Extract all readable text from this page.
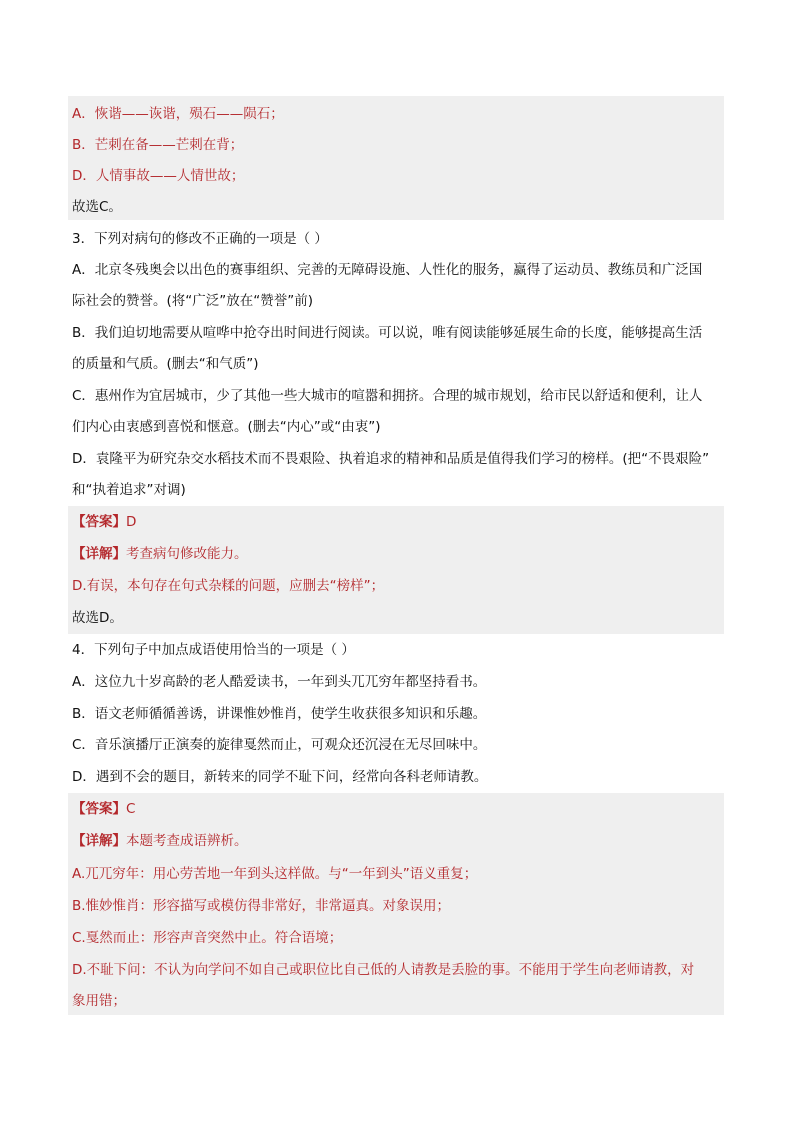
A．恢谐——诙谐，殒石——陨石；
B．芒刺在备——芒刺在背；
D．人情事故——人情世故；
故选C。
3．下列对病句的修改不正确的一项是（ ）
A．北京冬残奥会以出色的赛事组织、完善的无障碍设施、人性化的服务，赢得了运动员、教练员和广泛国
际社会的赞誉。(将“广泛”放在“赞誉”前)
B．我们迫切地需要从喧哗中抢夺出时间进行阅读。可以说，唯有阅读能够延展生命的长度，能够提高生活
的质量和气质。(删去“和气质”)
C．惠州作为宜居城市，少了其他一些大城市的喧嚣和拥挤。合理的城市规划，给市民以舒适和便利，让人
们内心由衷感到喜悦和惬意。(删去“内心”或“由衷”)
D．袁隆平为研究杂交水稻技术而不畏艰险、执着追求的精神和品质是值得我们学习的榜样。(把“不畏艰险”
和“执着追求”对调)
【答案】D
【详解】考查病句修改能力。
D.有误，本句存在句式杂糅的问题，应删去“榜样”；
故选D。
4．下列句子中加点成语使用恰当的一项是（ ）
A．这位九十岁高龄的老人酷爱读书，一年到头兀兀穷年都坚持看书。
B．语文老师循循善诱，讲课惟妙惟肖，使学生收获很多知识和乐趣。
C．音乐演播厅正演奏的旋律戛然而止，可观众还沉浸在无尽回味中。
D．遇到不会的题目，新转来的同学不耻下问，经常向各科老师请教。
【答案】C
【详解】本题考查成语辨析。
A.兀兀穷年：用心劳苦地一年到头这样做。与“一年到头”语义重复；
B.惟妙惟肖：形容描写或模仿得非常好，非常逼真。对象误用；
C.戛然而止：形容声音突然中止。符合语境；
D.不耻下问：不认为向学问不如自己或职位比自己低的人请教是丢脸的事。不能用于学生向老师请教，对
象用错；
